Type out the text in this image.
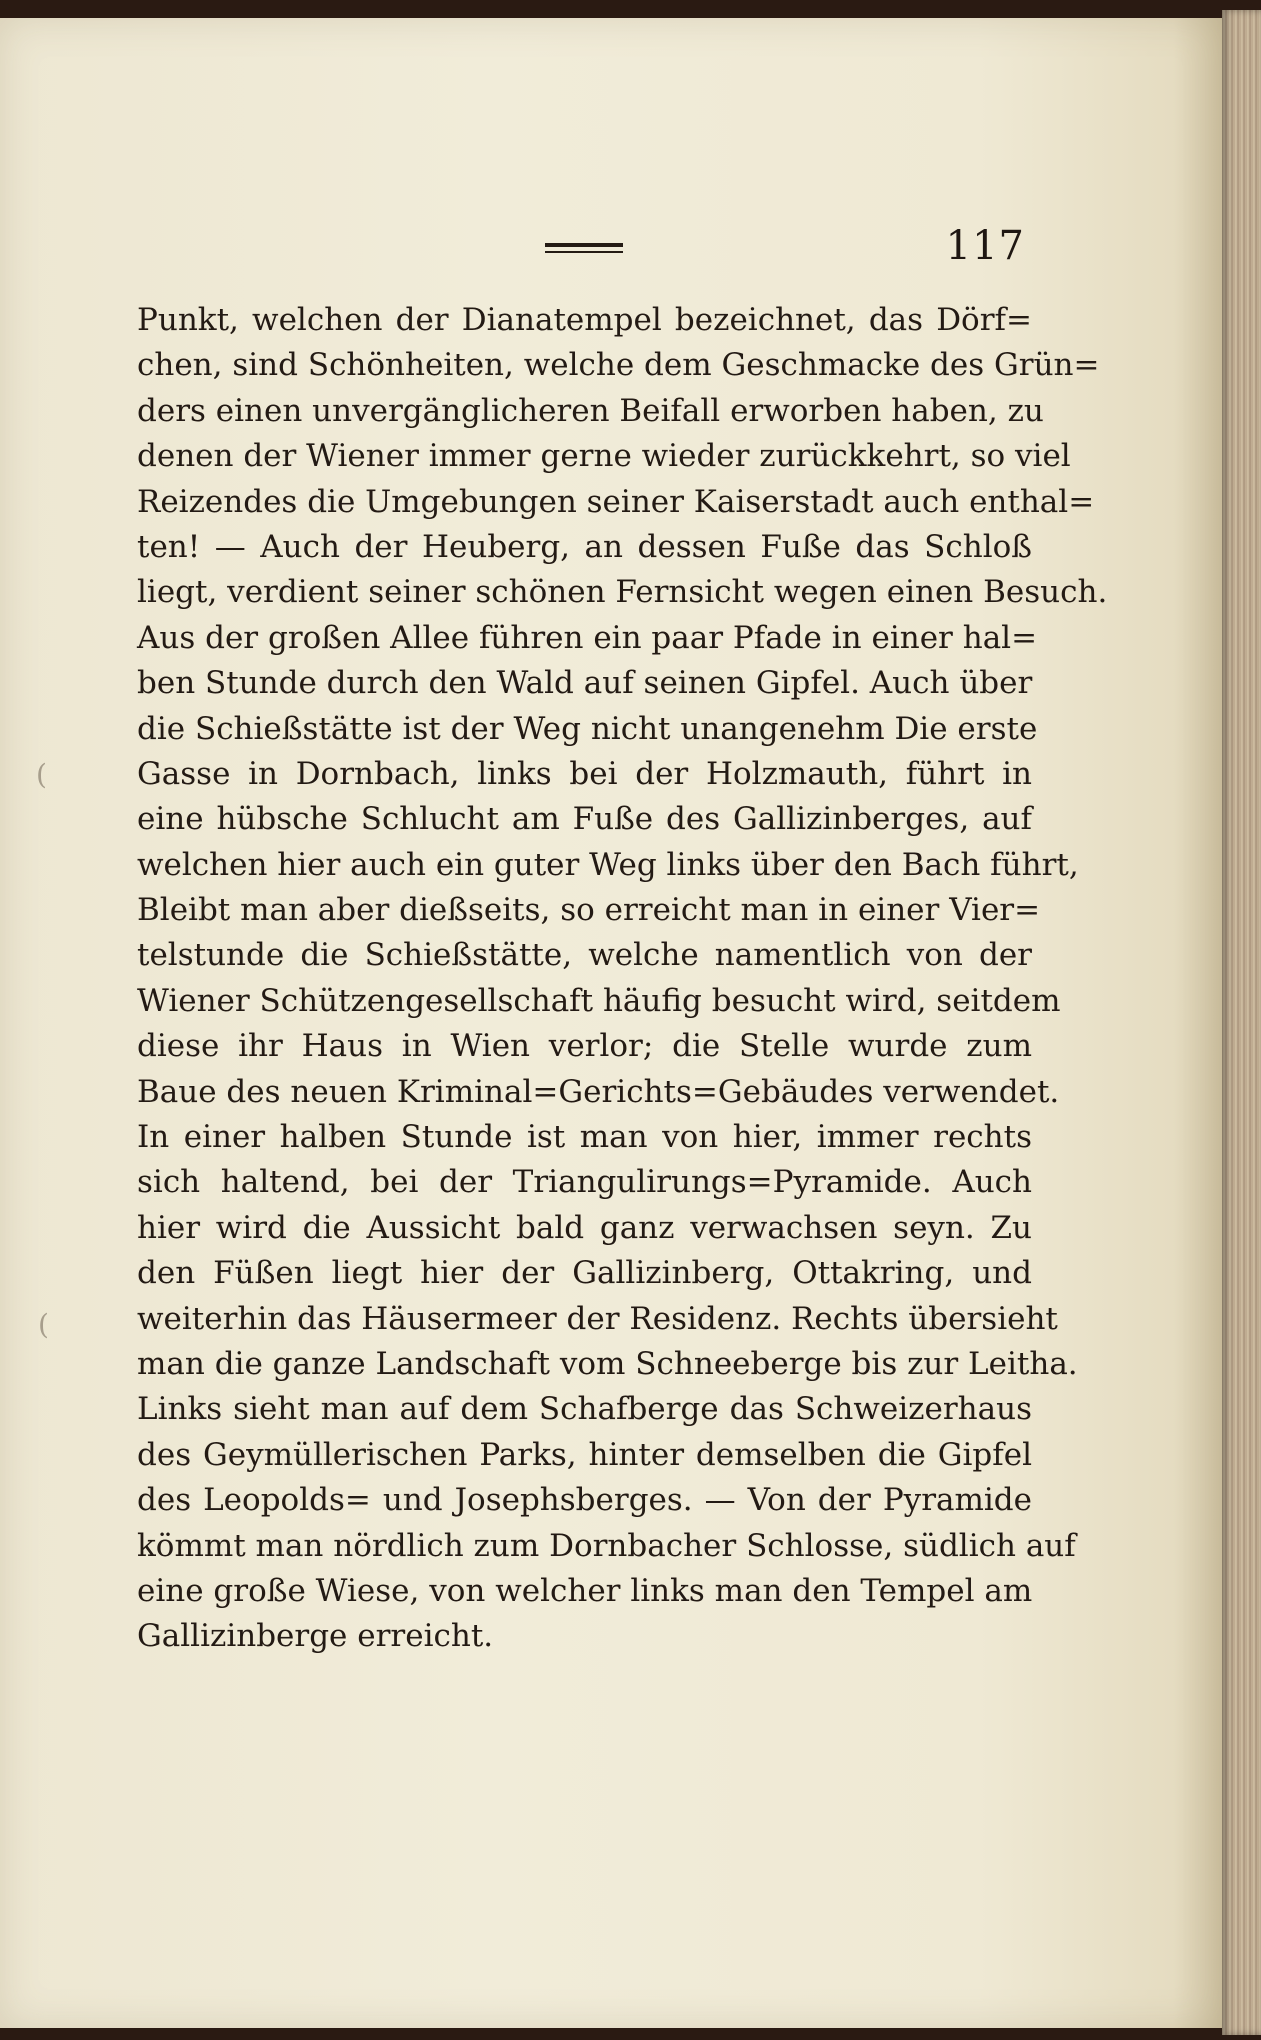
117
Punkt, welchen der Dianatempel bezeichnet, das Dörf=
chen, sind Schönheiten, welche dem Geschmacke des Grün=
ders einen unvergänglicheren Beifall erworben haben, zu
denen der Wiener immer gerne wieder zurückkehrt, so viel
Reizendes die Umgebungen seiner Kaiserstadt auch enthal=
ten! — Auch der Heuberg, an dessen Fuße das Schloß
liegt, verdient seiner schönen Fernsicht wegen einen Besuch.
Aus der großen Allee führen ein paar Pfade in einer hal=
ben Stunde durch den Wald auf seinen Gipfel. Auch über
die Schießstätte ist der Weg nicht unangenehm Die erste
Gasse in Dornbach, links bei der Holzmauth, führt in
eine hübsche Schlucht am Fuße des Gallizinberges, auf
welchen hier auch ein guter Weg links über den Bach führt,
Bleibt man aber dießseits, so erreicht man in einer Vier=
telstunde die Schießstätte, welche namentlich von der
Wiener Schützengesellschaft häufig besucht wird, seitdem
diese ihr Haus in Wien verlor; die Stelle wurde zum
Baue des neuen Kriminal=Gerichts=Gebäudes verwendet.
In einer halben Stunde ist man von hier, immer rechts
sich haltend, bei der Triangulirungs=Pyramide. Auch
hier wird die Aussicht bald ganz verwachsen seyn. Zu
den Füßen liegt hier der Gallizinberg, Ottakring, und
weiterhin das Häusermeer der Residenz. Rechts übersieht
man die ganze Landschaft vom Schneeberge bis zur Leitha.
Links sieht man auf dem Schafberge das Schweizerhaus
des Geymüllerischen Parks, hinter demselben die Gipfel
des Leopolds= und Josephsberges. — Von der Pyramide
kömmt man nördlich zum Dornbacher Schlosse, südlich auf
eine große Wiese, von welcher links man den Tempel am
Gallizinberge erreicht.
(
(
